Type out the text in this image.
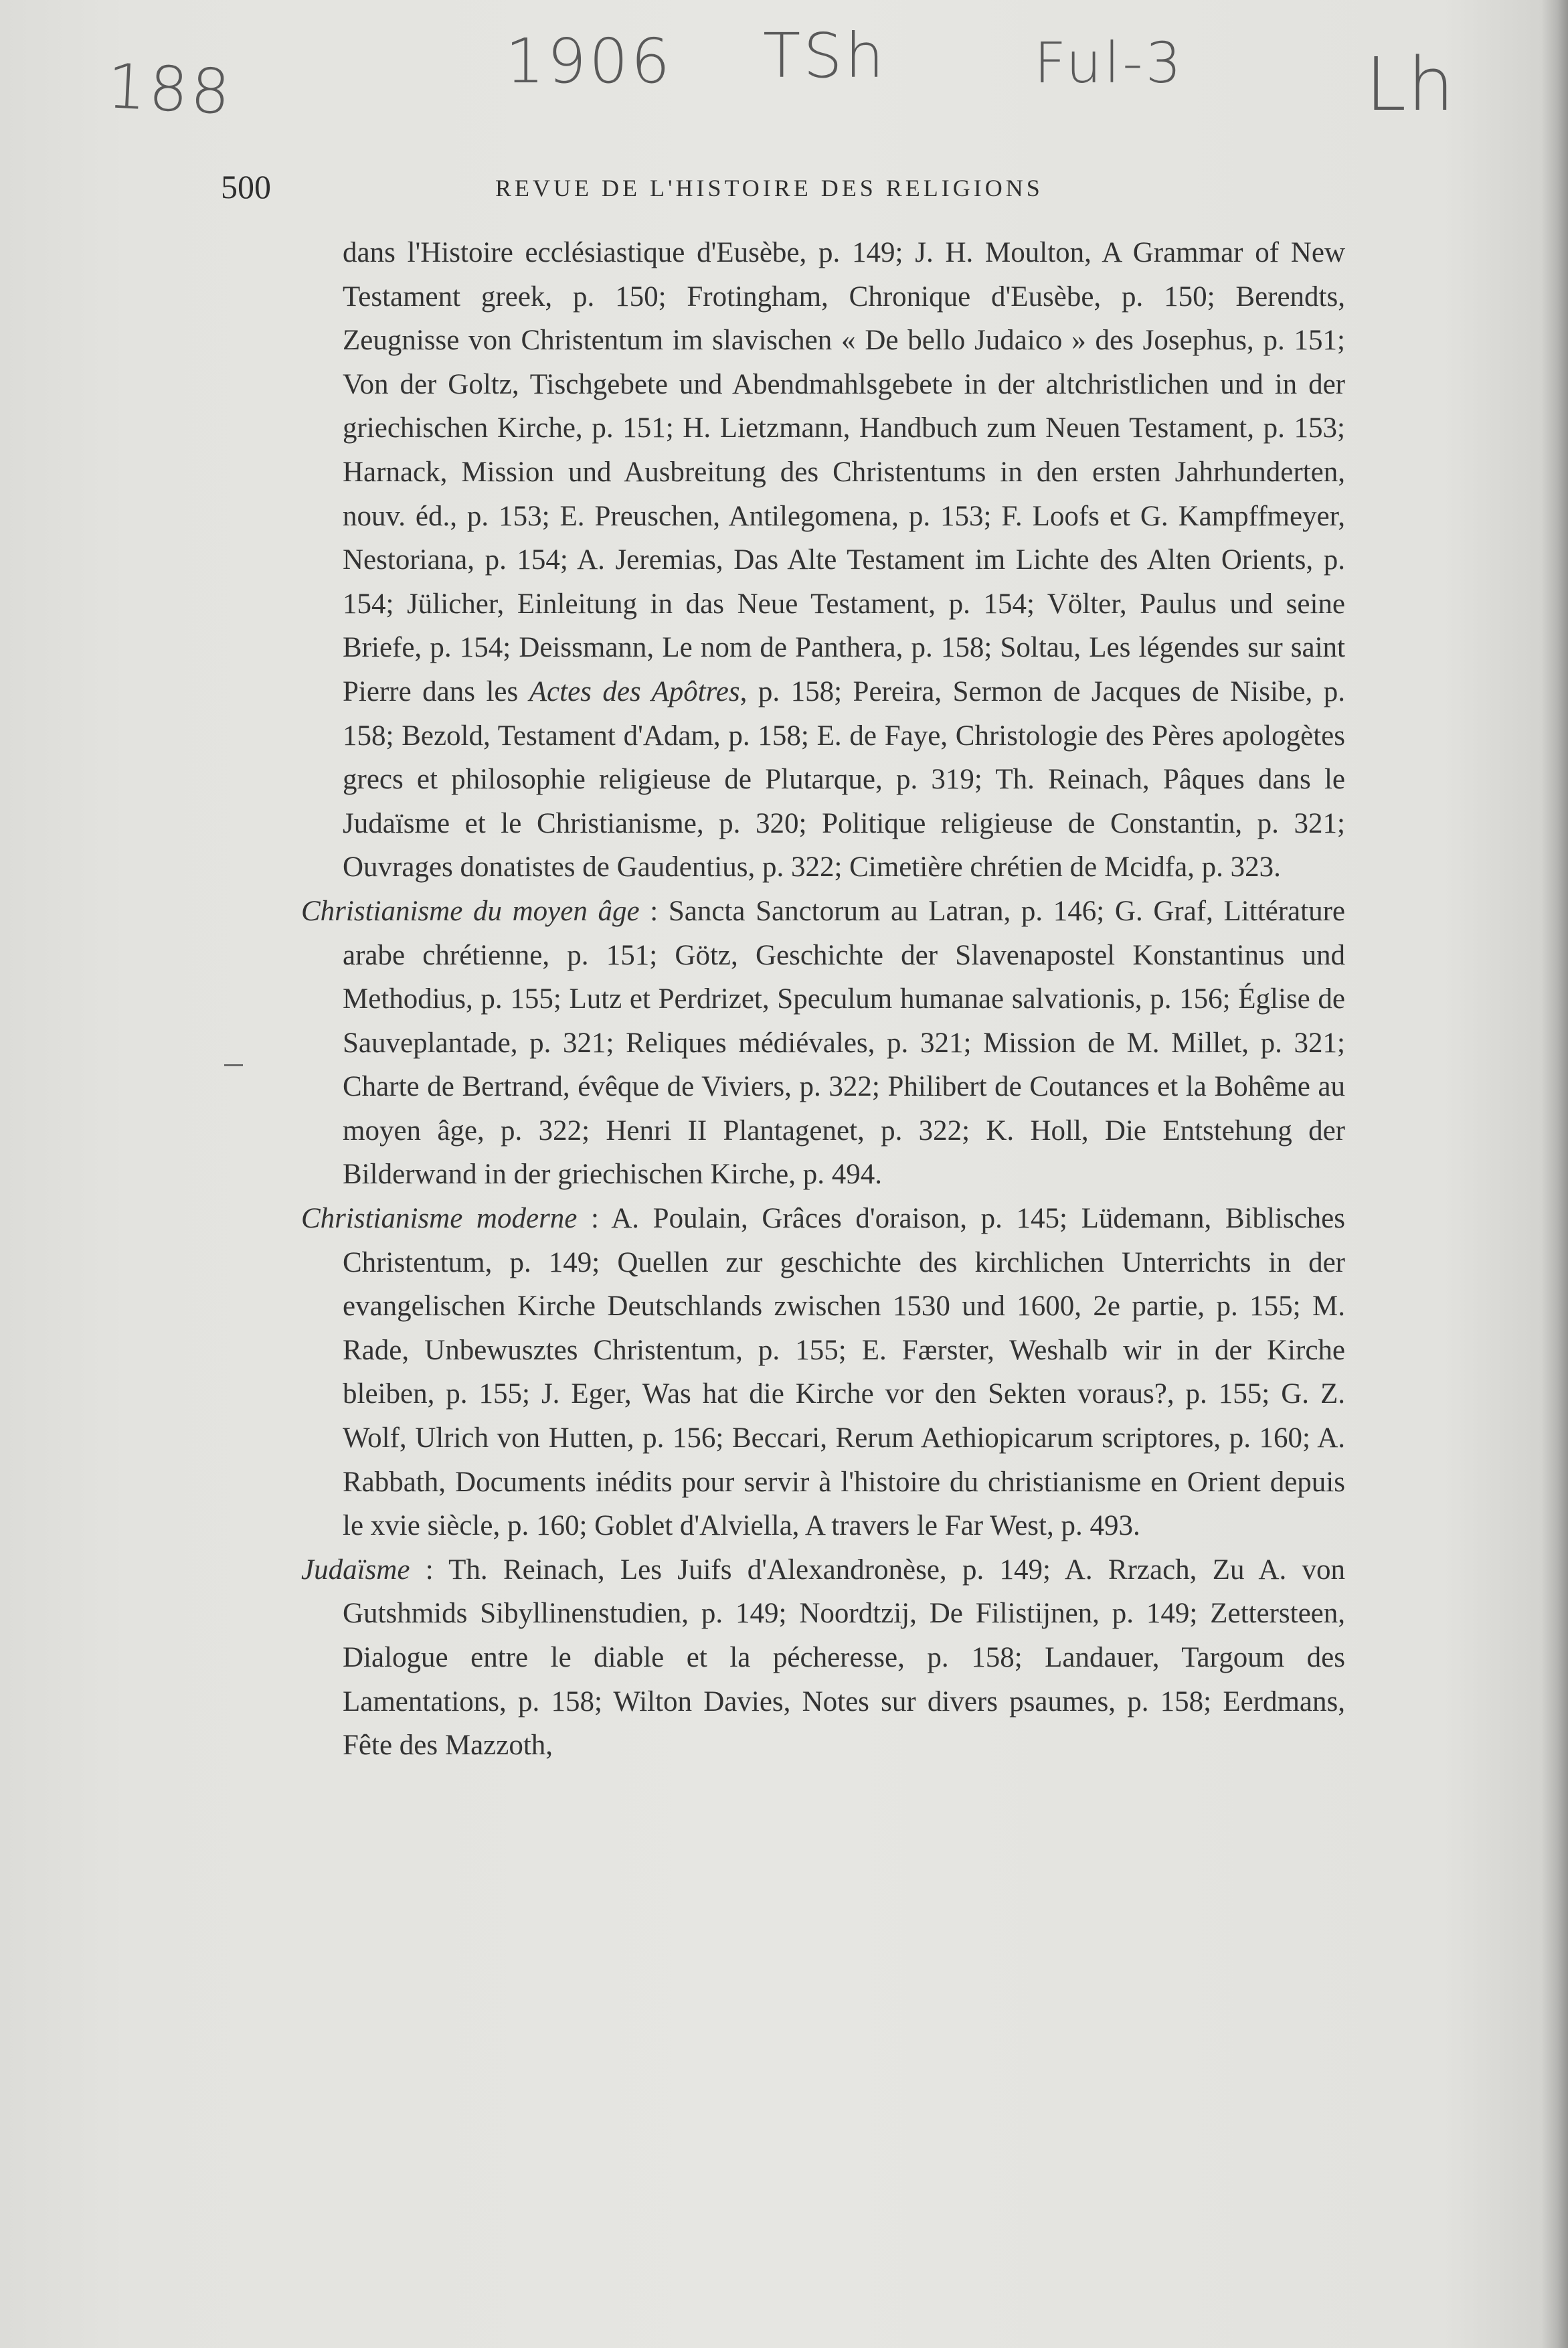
188	1906 TSh	Ful-3 Lh
500	REVUE DE L'HISTOIRE DES RELIGIONS

dans l'Histoire ecclésiastique d'Eusèbe, p. 149; J. H. Moulton, A Grammar of New Testament greek, p. 150; Frotingham, Chronique d'Eusèbe, p. 150; Berendts, Zeugnisse von Christentum im slavischen « De bello Judaico » des Josephus, p. 151; Von der Goltz, Tischgebete und Abendmahlsgebete in der altchristlichen und in der griechischen Kirche, p. 151; H. Lietzmann, Handbuch zum Neuen Testament, p. 153; Harnack, Mission und Ausbreitung des Christentums in den ersten Jahrhunderten, nouv. éd., p. 153; E. Preuschen, Antilegomena, p. 153; F. Loofs et G. Kampffmeyer, Nestoriana, p. 154; A. Jeremias, Das Alte Testament im Lichte des Alten Orients, p. 154; Jülicher, Einleitung in das Neue Testament, p. 154; Völter, Paulus und seine Briefe, p. 154; Deissmann, Le nom de Panthera, p. 158; Soltau, Les légendes sur saint Pierre dans les Actes des Apôtres, p. 158; Pereira, Sermon de Jacques de Nisibe, p. 158; Bezold, Testament d'Adam, p. 158; E. de Faye, Christologie des Pères apologètes grecs et philosophie religieuse de Plutarque, p. 319; Th. Reinach, Pâques dans le Judaïsme et le Christianisme, p. 320; Politique religieuse de Constantin, p. 321; Ouvrages donatistes de Gaudentius, p. 322; Cimetière chrétien de Mcidfa, p. 323.

Christianisme du moyen âge : Sancta Sanctorum au Latran, p. 146; G. Graf, Littérature arabe chrétienne, p. 151; Götz, Geschichte der Slavenapostel Konstantinus und Methodius, p. 155; Lutz et Perdrizet, Speculum humanae salvationis, p. 156; Église de Sauveplantade, p. 321; Reliques médiévales, p. 321; Mission de M. Millet, p. 321; Charte de Bertrand, évêque de Viviers, p. 322; Philibert de Coutances et la Bohême au moyen âge, p. 322; Henri II Plantagenet, p. 322; K. Holl, Die Entstehung der Bilderwand in der griechischen Kirche, p. 494.

Christianisme moderne : A. Poulain, Grâces d'oraison, p. 145; Lüdemann, Biblisches Christentum, p. 149; Quellen zur geschichte des kirchlichen Unterrichts in der evangelischen Kirche Deutschlands zwischen 1530 und 1600, 2e partie, p. 155; M. Rade, Unbewusztes Christentum, p. 155; E. Færster, Weshalb wir in der Kirche bleiben, p. 155; J. Eger, Was hat die Kirche vor den Sekten voraus?, p. 155; G. Z. Wolf, Ulrich von Hutten, p. 156; Beccari, Rerum Aethiopicarum scriptores, p. 160; A. Rabbath, Documents inédits pour servir à l'histoire du christianisme en Orient depuis le xvie siècle, p. 160; Goblet d'Alviella, A travers le Far West, p. 493.

Judaïsme : Th. Reinach, Les Juifs d'Alexandronèse, p. 149; A. Rrzach, Zu A. von Gutshmids Sibyllinenstudien, p. 149; Noordtzij, De Filistijnen, p. 149; Zettersteen, Dialogue entre le diable et la pécheresse, p. 158; Landauer, Targoum des Lamentations, p. 158; Wilton Davies, Notes sur divers psaumes, p. 158; Eerdmans, Fête des Mazzoth,
